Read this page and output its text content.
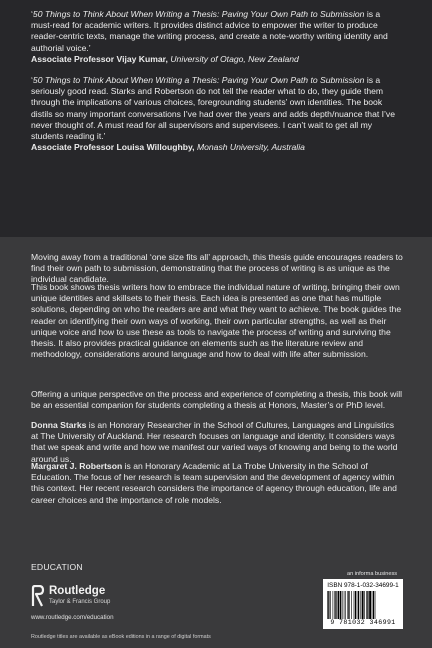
‘50 Things to Think About When Writing a Thesis: Paving Your Own Path to Submission is a must-read for academic writers. It provides distinct advice to empower the writer to produce reader-centric texts, manage the writing process, and create a note-worthy writing identity and authorial voice.’
Associate Professor Vijay Kumar, University of Otago, New Zealand
‘50 Things to Think About When Writing a Thesis: Paving Your Own Path to Submission is a seriously good read. Starks and Robertson do not tell the reader what to do, they guide them through the implications of various choices, foregrounding students’ own identities. The book distils so many important conversations I’ve had over the years and adds depth/nuance that I’ve never thought of. A must read for all supervisors and supervisees. I can’t wait to get all my students reading it.’
Associate Professor Louisa Willoughby, Monash University, Australia

Moving away from a traditional ‘one size fits all’ approach, this thesis guide encourages readers to find their own path to submission, demonstrating that the process of writing is as unique as the individual candidate.

This book shows thesis writers how to embrace the individual nature of writing, bringing their own unique identities and skillsets to their thesis. Each idea is presented as one that has multiple solutions, depending on who the readers are and what they want to achieve. The book guides the reader on identifying their own ways of working, their own particular strengths, as well as their unique voice and how to use these as tools to navigate the process of writing and surviving the thesis. It also provides practical guidance on elements such as the literature review and methodology, considerations around language and how to deal with life after submission.

Offering a unique perspective on the process and experience of completing a thesis, this book will be an essential companion for students completing a thesis at Honors, Master’s or PhD level.

Donna Starks is an Honorary Researcher in the School of Cultures, Languages and Linguistics at The University of Auckland. Her research focuses on language and identity. It considers ways that we speak and write and how we manifest our varied ways of knowing and being to the world around us.

Margaret J. Robertson is an Honorary Academic at La Trobe University in the School of Education. The focus of her research is team supervision and the development of agency within this context. Her recent research considers the importance of agency through education, life and career choices and the importance of role models.

EDUCATION
Routledge
Taylor & Francis Group
www.routledge.com/education
Routledge titles are available as eBook editions in a range of digital formats
an informa business
ISBN 978-1-032-34699-1
9 781032 346991
